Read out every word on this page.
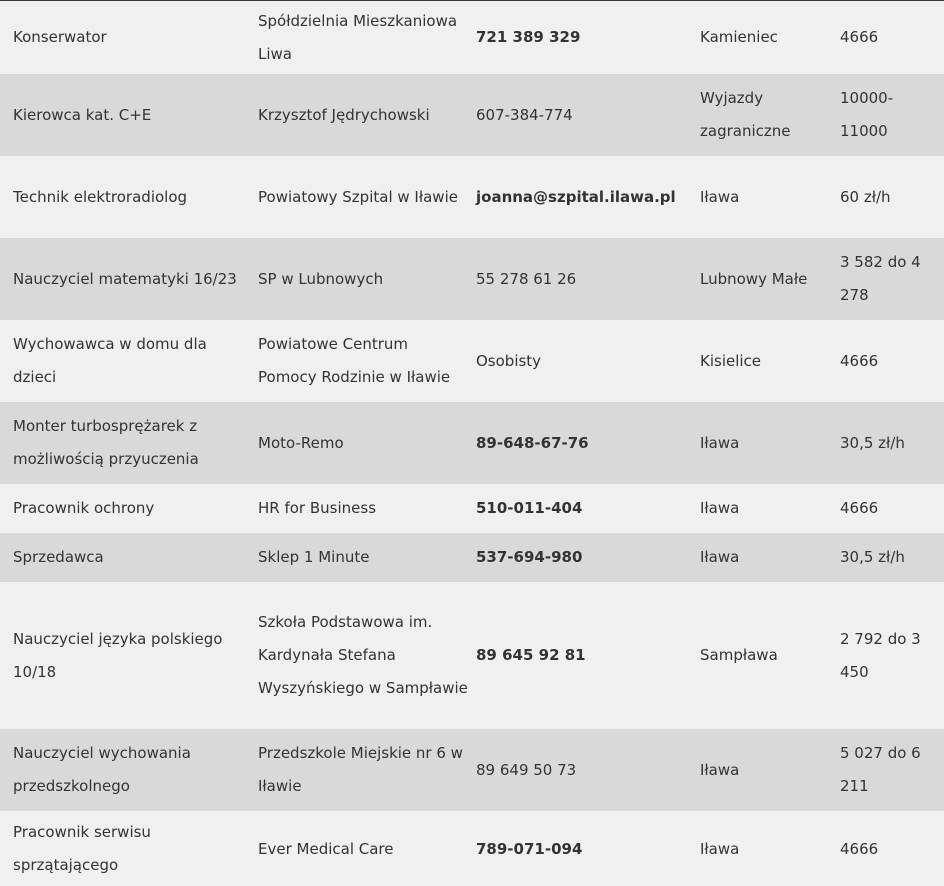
Konserwator	Spółdzielnia Mieszkaniowa Liwa	721 389 329	Kamieniec	4666
Kierowca kat. C+E	Krzysztof Jędrychowski	607-384-774	Wyjazdy zagraniczne	10000-11000
Technik elektroradiolog	Powiatowy Szpital w Iławie	joanna@szpital.ilawa.pl	Iława	60 zł/h
Nauczyciel matematyki 16/23	SP w Lubnowych	55 278 61 26	Lubnowy Małe	3 582 do 4 278
Wychowawca w domu dla dzieci	Powiatowe Centrum Pomocy Rodzinie w Iławie	Osobisty	Kisielice	4666
Monter turbosprężarek z możliwością przyuczenia	Moto-Remo	89-648-67-76	Iława	30,5 zł/h
Pracownik ochrony	HR for Business	510-011-404	Iława	4666
Sprzedawca	Sklep 1 Minute	537-694-980	Iława	30,5 zł/h
Nauczyciel języka polskiego 10/18	Szkoła Podstawowa im. Kardynała Stefana Wyszyńskiego w Sampławie	89 645 92 81	Sampława	2 792 do 3 450
Nauczyciel wychowania przedszkolnego	Przedszkole Miejskie nr 6 w Iławie	89 649 50 73	Iława	5 027 do 6 211
Pracownik serwisu sprzątającego	Ever Medical Care	789-071-094	Iława	4666
